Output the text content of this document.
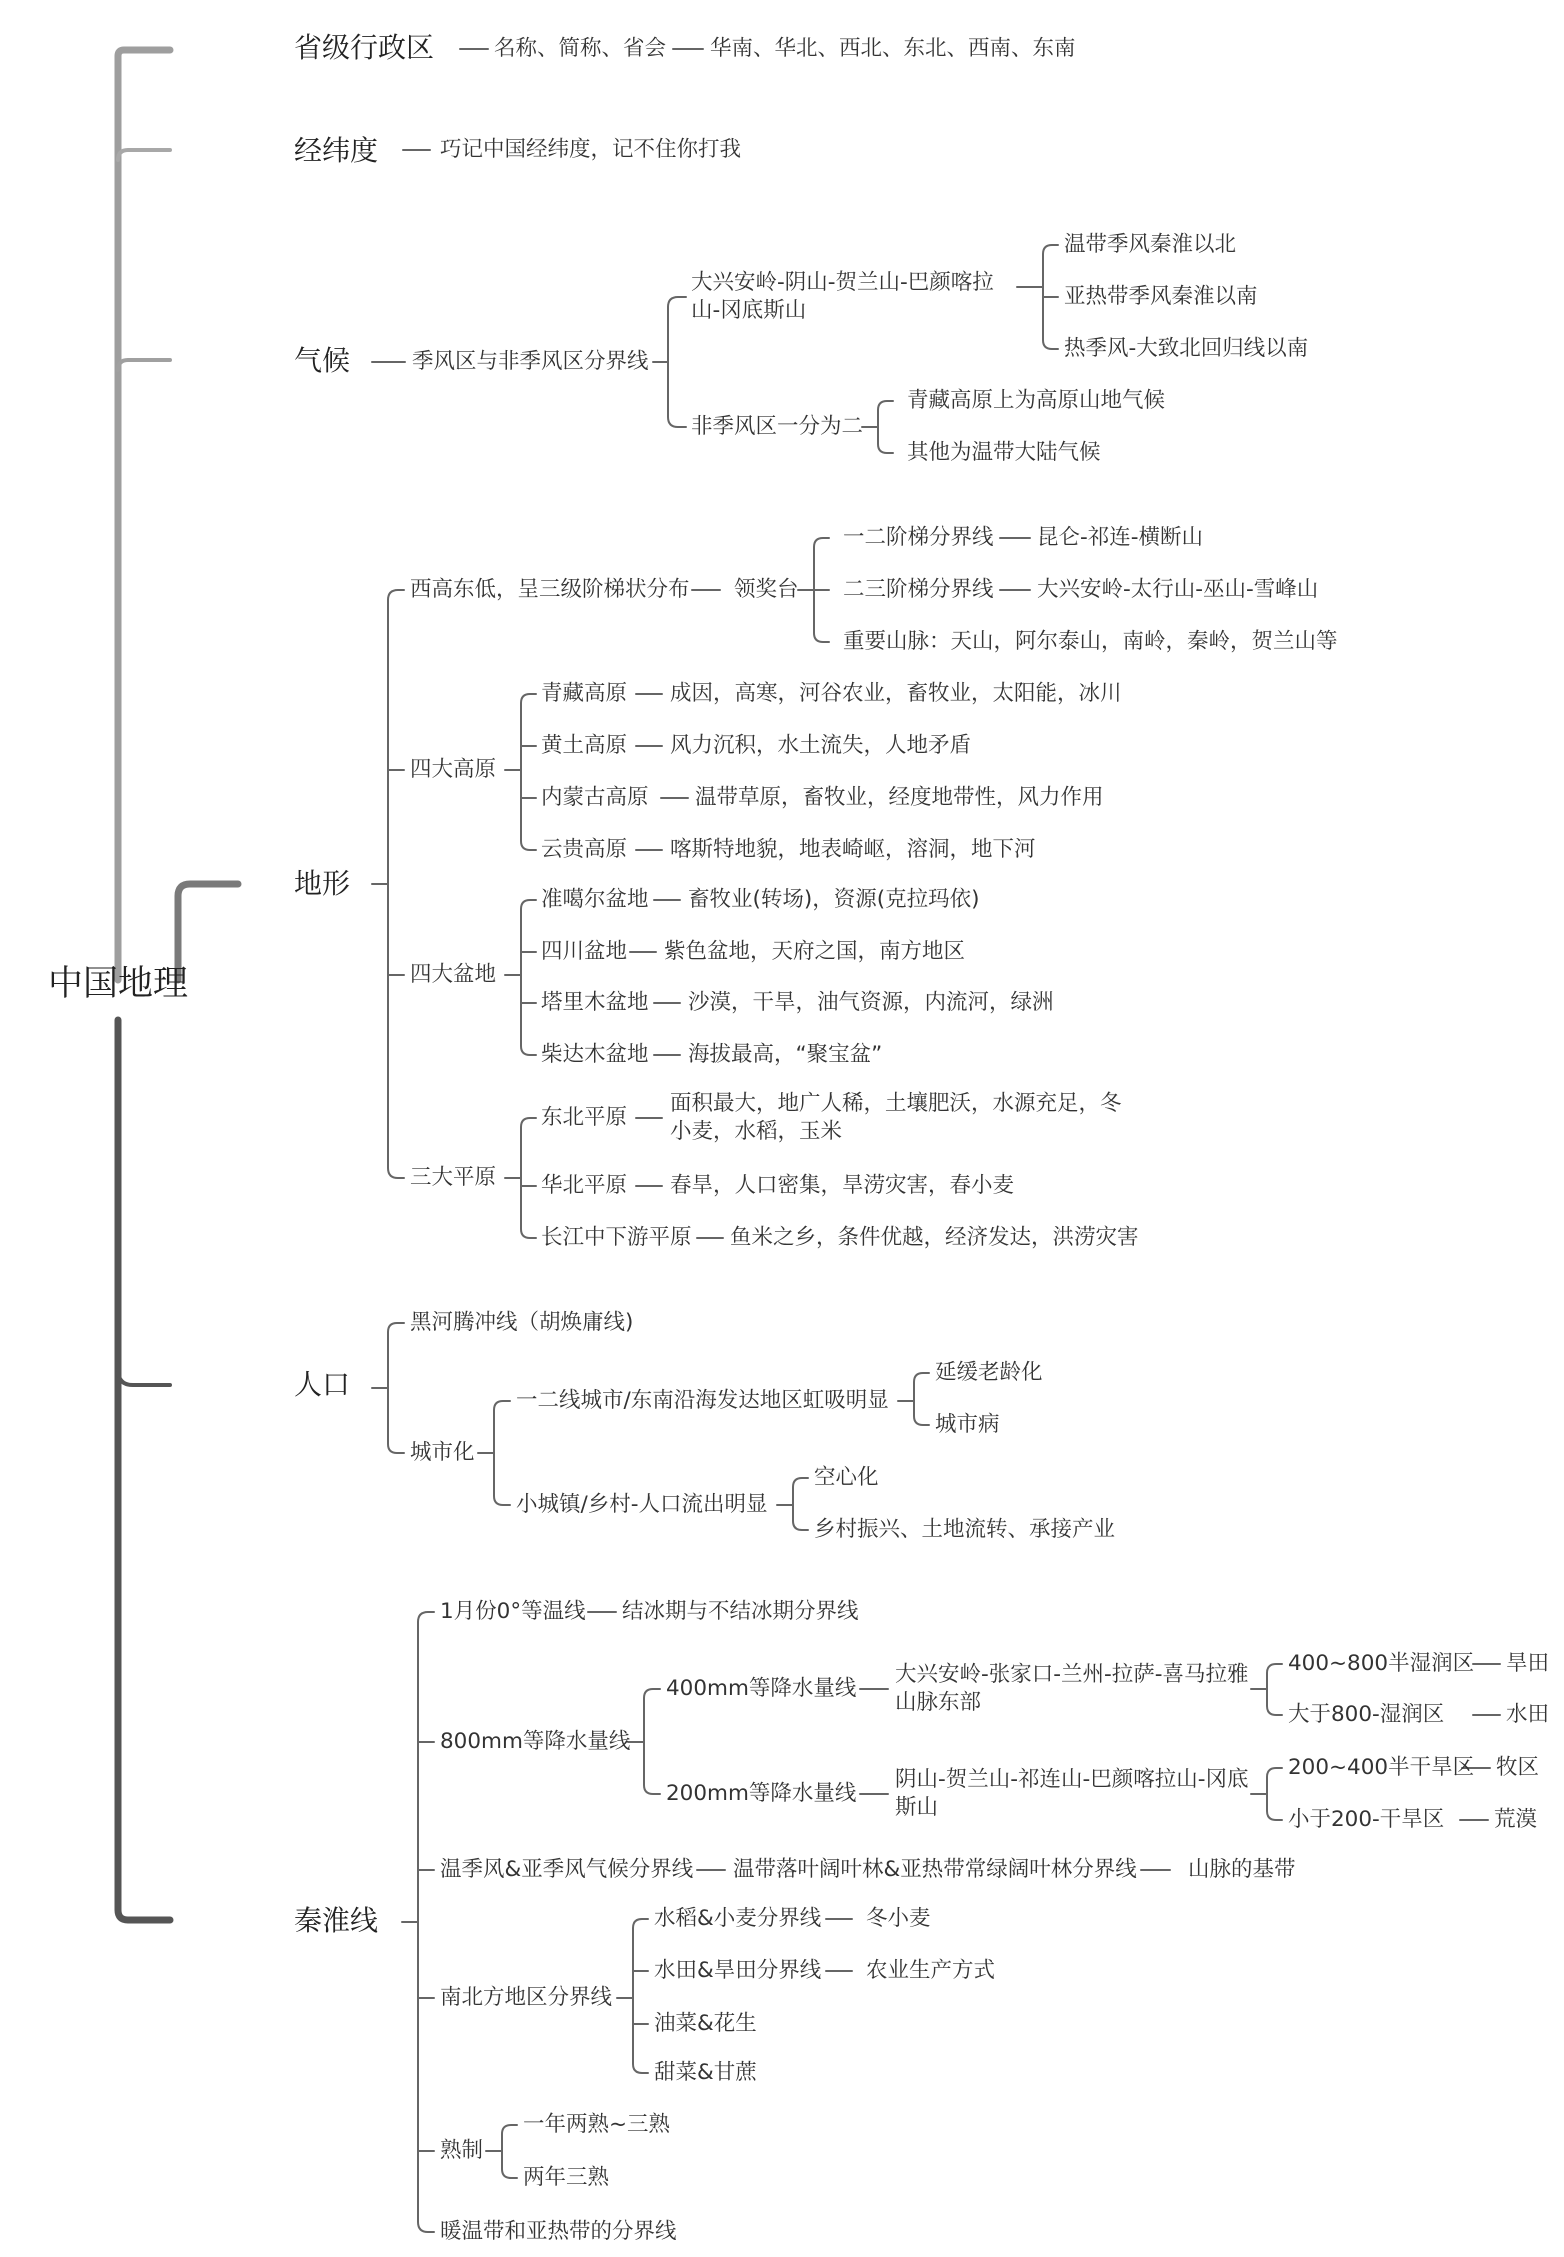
中国地理
省级行政区	名称、简称、省会 华南、华北、西北、东北、西南、东南
经纬度	巧记中国经纬度，记不住你打我
气候	季风区与非季风区分界线
大兴安岭-阴山-贺兰山-巴颜喀拉山-冈底斯山
温带季风秦淮以北
亚热带季风秦淮以南
热季风-大致北回归线以南
非季风区一分为二
青藏高原上为高原山地气候
其他为温带大陆气候
地形
西高东低，呈三级阶梯状分布 领奖台
一二阶梯分界线 昆仑-祁连-横断山
二三阶梯分界线 大兴安岭-太行山-巫山-雪峰山
重要山脉：天山，阿尔泰山，南岭，秦岭，贺兰山等
四大高原
青藏高原 成因，高寒，河谷农业，畜牧业，太阳能，冰川
黄土高原 风力沉积，水土流失，人地矛盾
内蒙古高原 温带草原，畜牧业，经度地带性，风力作用
云贵高原 喀斯特地貌，地表崎岖，溶洞，地下河
四大盆地
准噶尔盆地 畜牧业(转场)，资源(克拉玛依)
四川盆地 紫色盆地，天府之国，南方地区
塔里木盆地 沙漠，干旱，油气资源，内流河，绿洲
柴达木盆地 海拔最高，“聚宝盆”
三大平原
东北平原
面积最大，地广人稀，土壤肥沃，水源充足，冬小麦，水稻，玉米
华北平原 春旱，人口密集，旱涝灾害，春小麦
长江中下游平原 鱼米之乡，条件优越，经济发达，洪涝灾害
人口
黑河腾冲线（胡焕庸线)
城市化
一二线城市/东南沿海发达地区虹吸明显
延缓老龄化
城市病
小城镇/乡村-人口流出明显
空心化
乡村振兴、土地流转、承接产业
秦淮线
1月份0°等温线 结冰期与不结冰期分界线
800mm等降水量线
400mm等降水量线
大兴安岭-张家口-兰州-拉萨-喜马拉雅山脉东部
400~800半湿润区 旱田
大于800-湿润区	水田
200mm等降水量线
阴山-贺兰山-祁连山-巴颜喀拉山-冈底斯山
200~400半干旱区 牧区
小于200-干旱区 荒漠
温季风&亚季风气候分界线 温带落叶阔叶林&亚热带常绿阔叶林分界线 山脉的基带
南北方地区分界线
水稻&小麦分界线 冬小麦
水田&旱田分界线 农业生产方式
油菜&花生
甜菜&甘蔗
熟制
一年两熟~三熟
两年三熟
暖温带和亚热带的分界线
